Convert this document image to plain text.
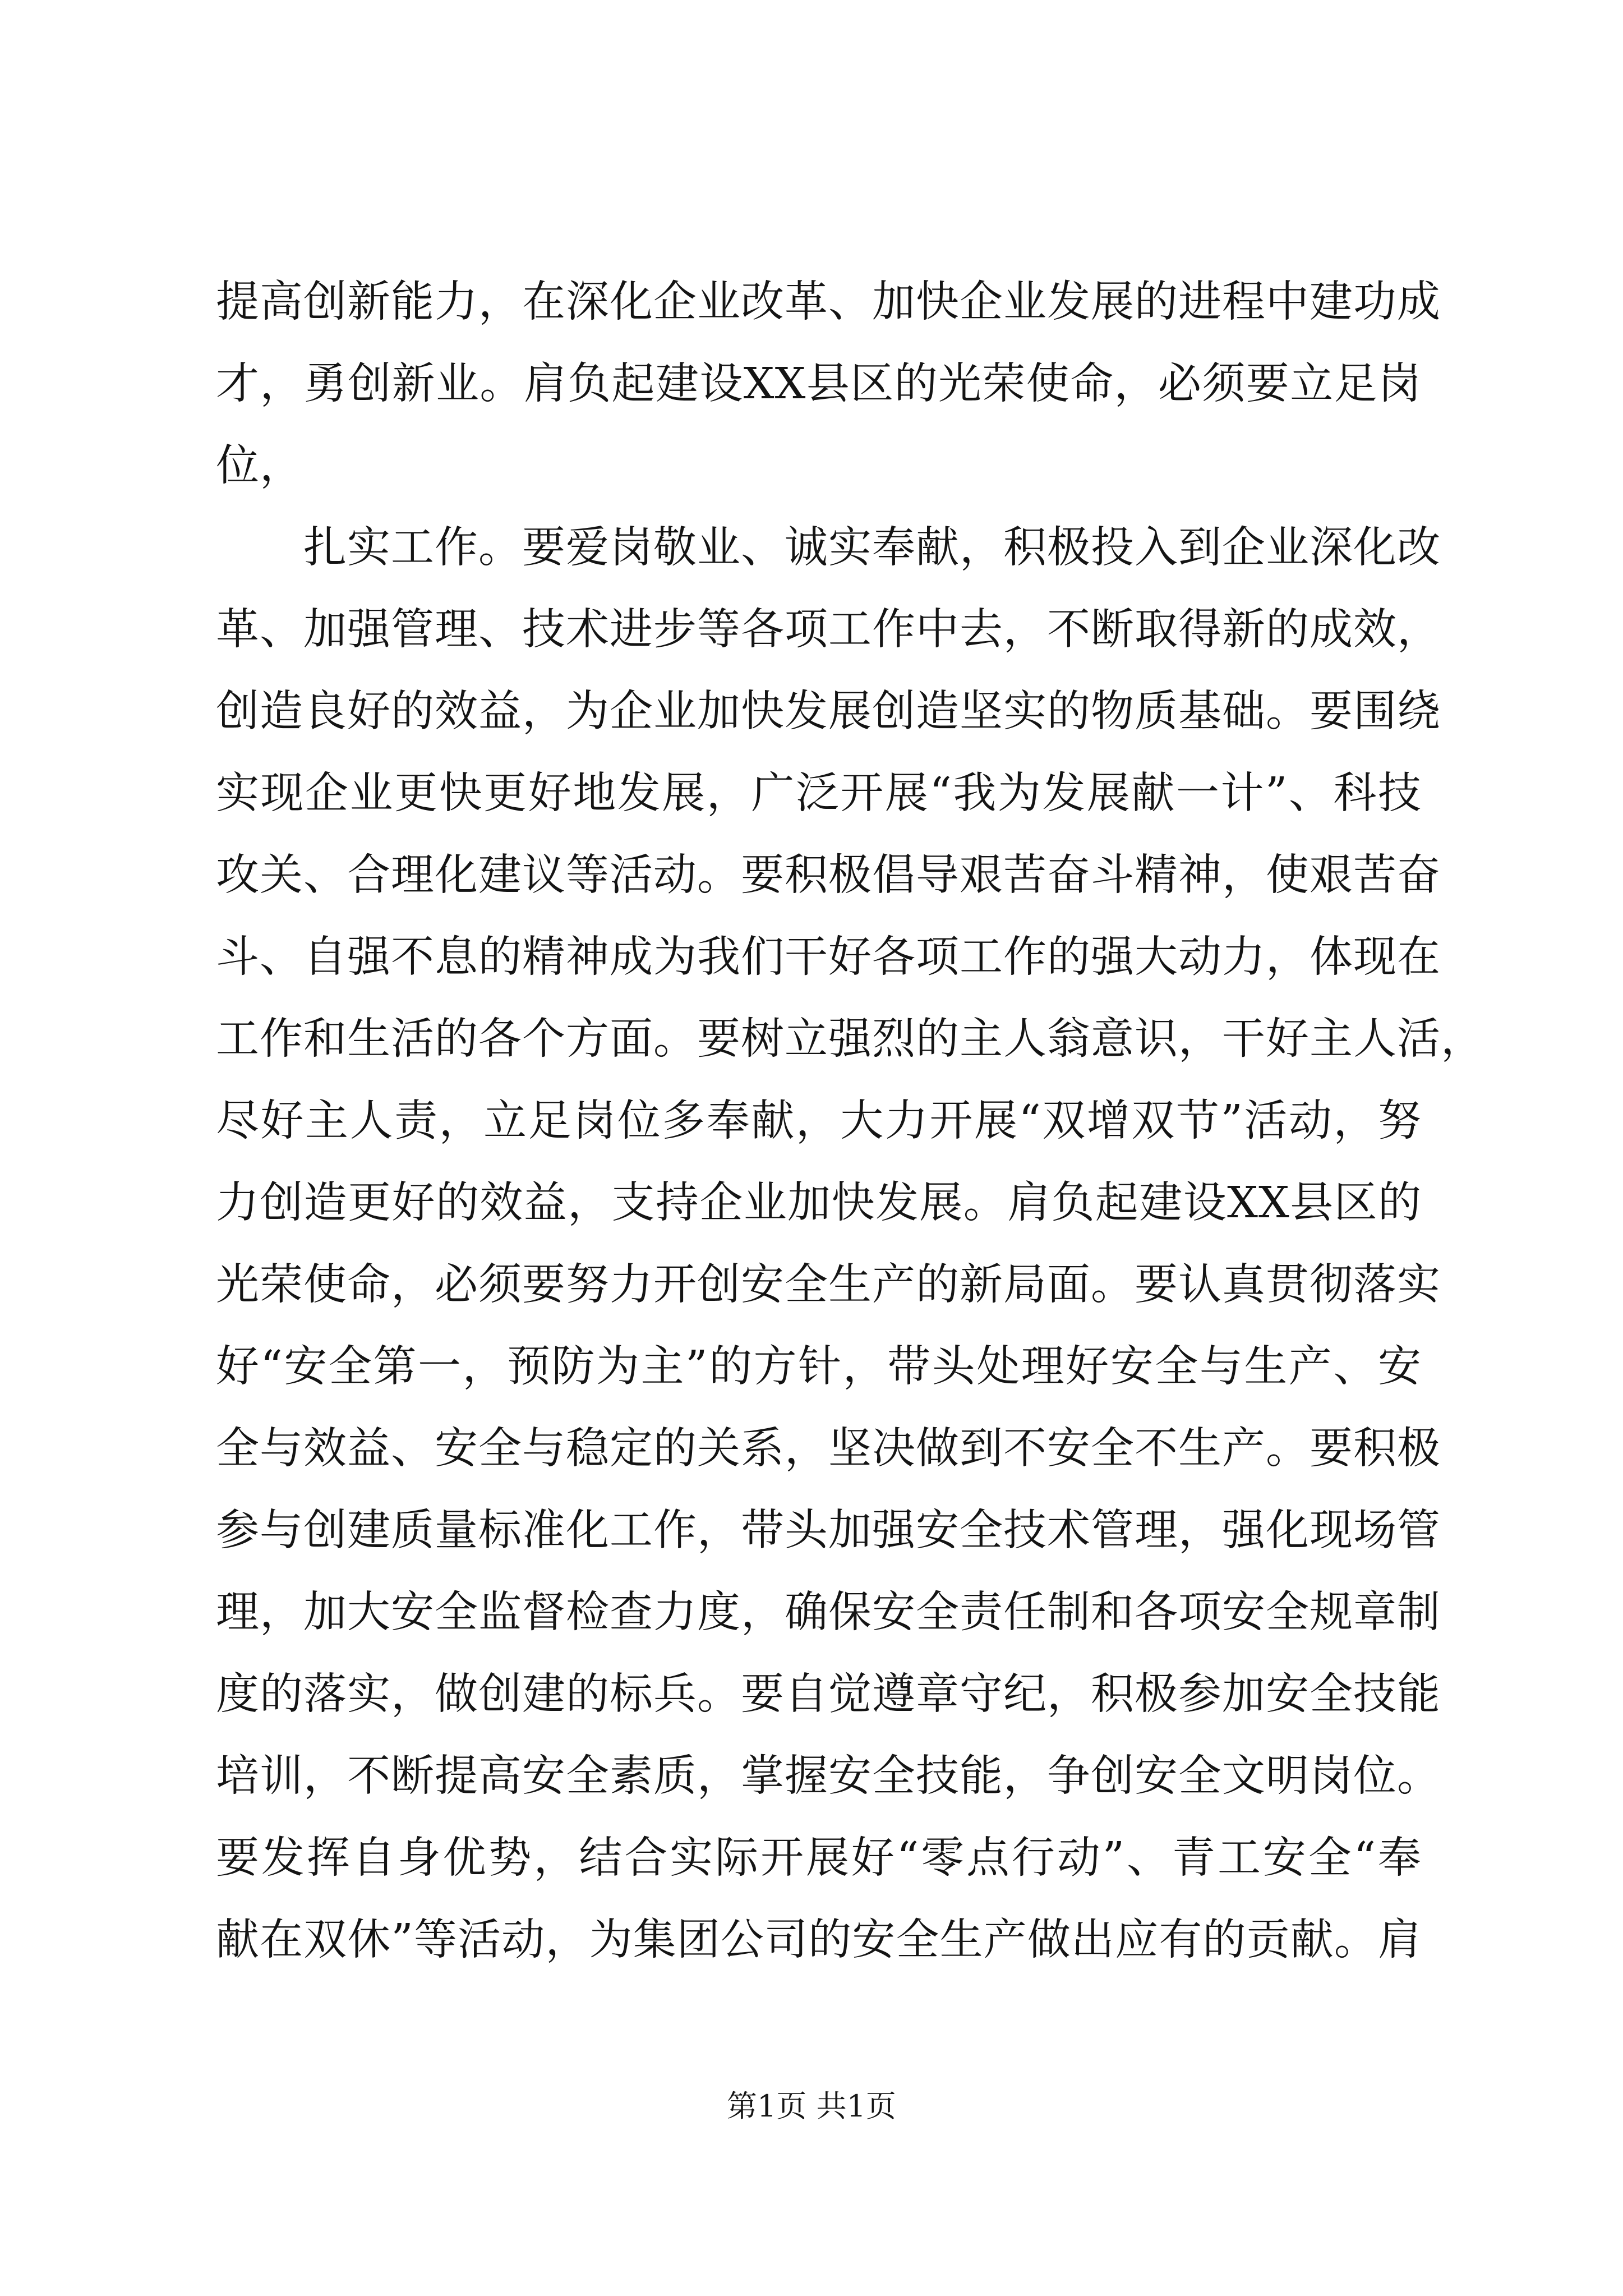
提高创新能力，在深化企业改革、加快企业发展的进程中建功成
才，勇创新业。肩负起建设XX县区的光荣使命，必须要立足岗
位，
扎实工作。要爱岗敬业、诚实奉献，积极投入到企业深化改
革、加强管理、技术进步等各项工作中去，不断取得新的成效，
创造良好的效益，为企业加快发展创造坚实的物质基础。要围绕
实现企业更快更好地发展，广泛开展“我为发展献一计”、科技
攻关、合理化建议等活动。要积极倡导艰苦奋斗精神，使艰苦奋
斗、自强不息的精神成为我们干好各项工作的强大动力，体现在
工作和生活的各个方面。要树立强烈的主人翁意识，干好主人活，
尽好主人责，立足岗位多奉献，大力开展“双增双节”活动，努
力创造更好的效益，支持企业加快发展。肩负起建设XX县区的
光荣使命，必须要努力开创安全生产的新局面。要认真贯彻落实
好“安全第一，预防为主”的方针，带头处理好安全与生产、安
全与效益、安全与稳定的关系，坚决做到不安全不生产。要积极
参与创建质量标准化工作，带头加强安全技术管理，强化现场管
理，加大安全监督检查力度，确保安全责任制和各项安全规章制
度的落实，做创建的标兵。要自觉遵章守纪，积极参加安全技能
培训，不断提高安全素质，掌握安全技能，争创安全文明岗位。
要发挥自身优势，结合实际开展好“零点行动”、青工安全“奉
献在双休”等活动，为集团公司的安全生产做出应有的贡献。肩
第1页 共1页
